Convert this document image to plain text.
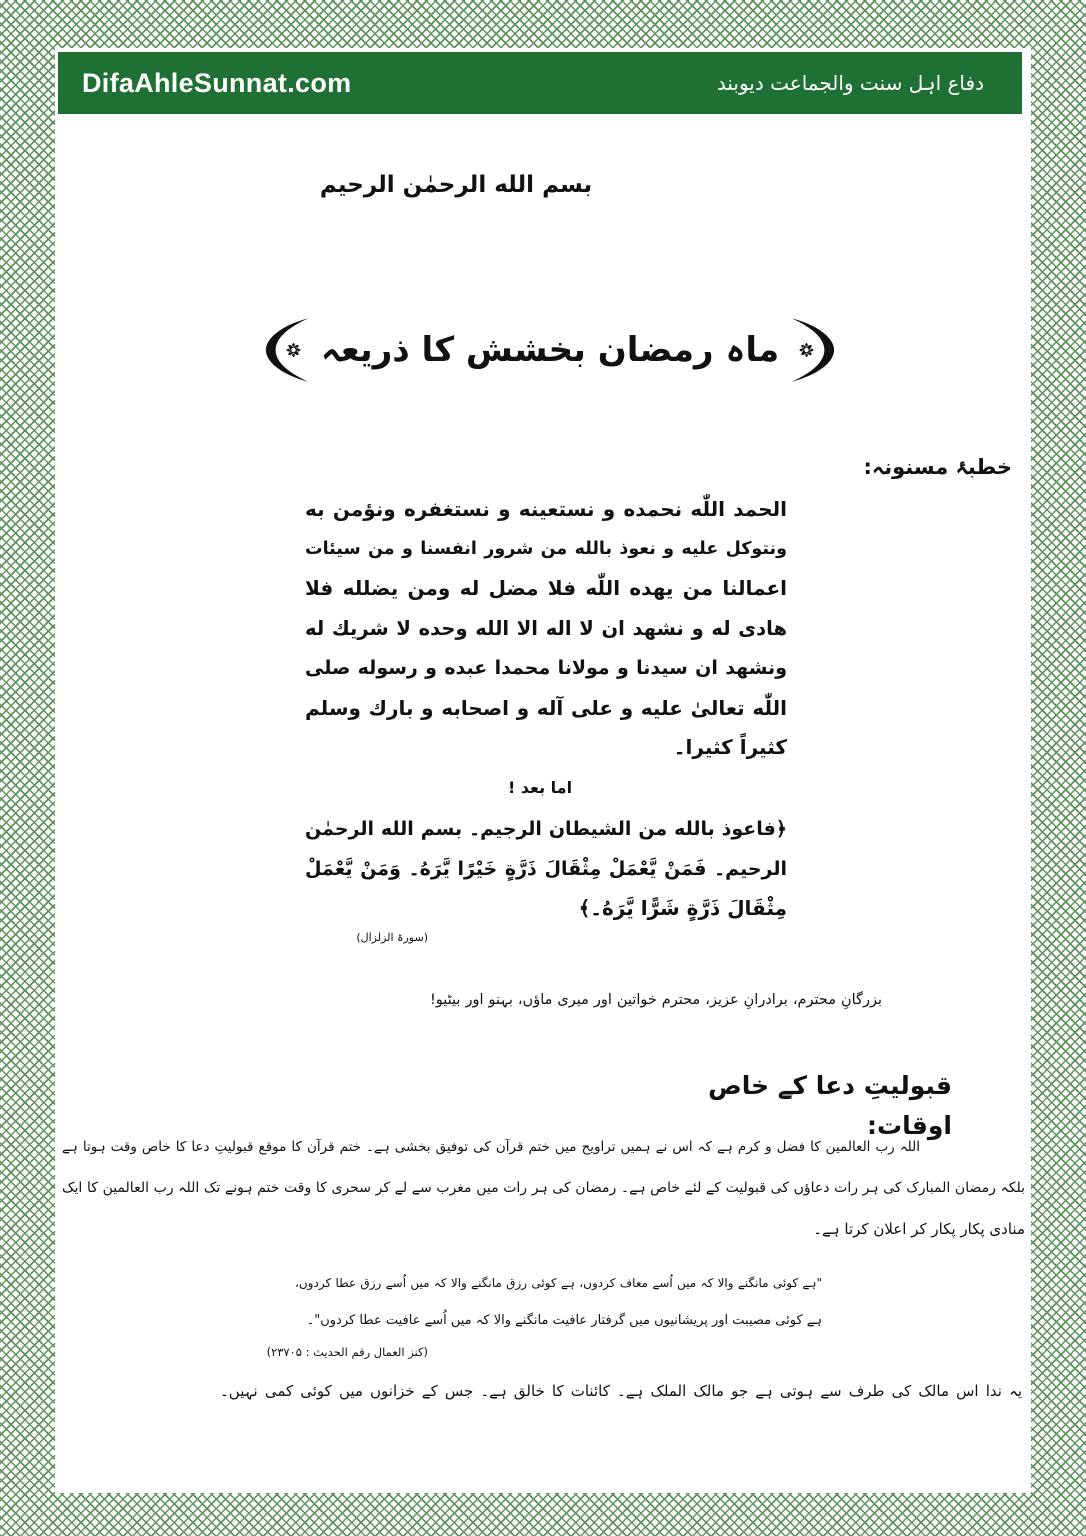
DifaAhleSunnat.com	دفاع اہل سنت والجماعت دیوبند
بسم الله الرحمٰن الرحيم
ماہ رمضان بخشش کا ذریعہ
خطبۂ مسنونہ:
الحمد اللّٰه نحمده و نستعينه و نستغفره ونؤمن به
ونتوكل عليه و نعوذ بالله من شرور انفسنا و من سيئات
اعمالنا من يهده اللّٰه فلا مضل له ومن يضلله فلا
هادى له و نشهد ان لا اله الا الله وحده لا شريك له
ونشهد ان سيدنا و مولانا محمدا عبده و رسوله صلى
اللّٰه تعالىٰ عليه و على آله و اصحابه و بارك وسلم
كثيراً كثيرا۔
اما بعد !
﴿فاعوذ بالله من الشيطان الرجيم۔ بسم الله الرحمٰن
الرحيم۔ فَمَنْ يَّعْمَلْ مِثْقَالَ ذَرَّةٍ خَيْرًا يَّرَهُ۔ وَمَنْ يَّعْمَلْ
مِثْقَالَ ذَرَّةٍ شَرًّا يَّرَهُ۔﴾
(سورۃ الزلزال)
بزرگانِ محترم، برادرانِ عزیز، محترم خواتین اور میری ماؤں، بہنو اور بیٹیو!
قبولیتِ دعا کے خاص اوقات:
اللہ رب العالمین کا فضل و کرم ہے کہ اس نے ہمیں تراویح میں ختم قرآن کی توفیق بخشی ہے۔ ختم قرآن کا موقع قبولیتِ دعا کا خاص وقت ہوتا ہے
بلکہ رمضان المبارک کی ہر رات دعاؤں کی قبولیت کے لئے خاص ہے۔ رمضان کی ہر رات میں مغرب سے لے کر سحری کا وقت ختم ہونے تک اللہ رب العالمین کا ایک
منادی پکار پکار کر اعلان کرتا ہے۔
"ہے کوئی مانگنے والا کہ میں اُسے معاف کردوں، ہے کوئی رزق مانگنے والا کہ میں اُسے رزق عطا کردوں،
ہے کوئی مصیبت اور پریشانیوں میں گرفتار عافیت مانگنے والا کہ میں اُسے عافیت عطا کردوں"۔
(کنز العمال رقم الحدیث : ۲۳۷۰۵)
یہ ندا اس مالک کی طرف سے ہوتی ہے جو مالک الملک ہے۔ کائنات کا خالق ہے۔ جس کے خزانوں میں کوئی کمی نہیں۔
